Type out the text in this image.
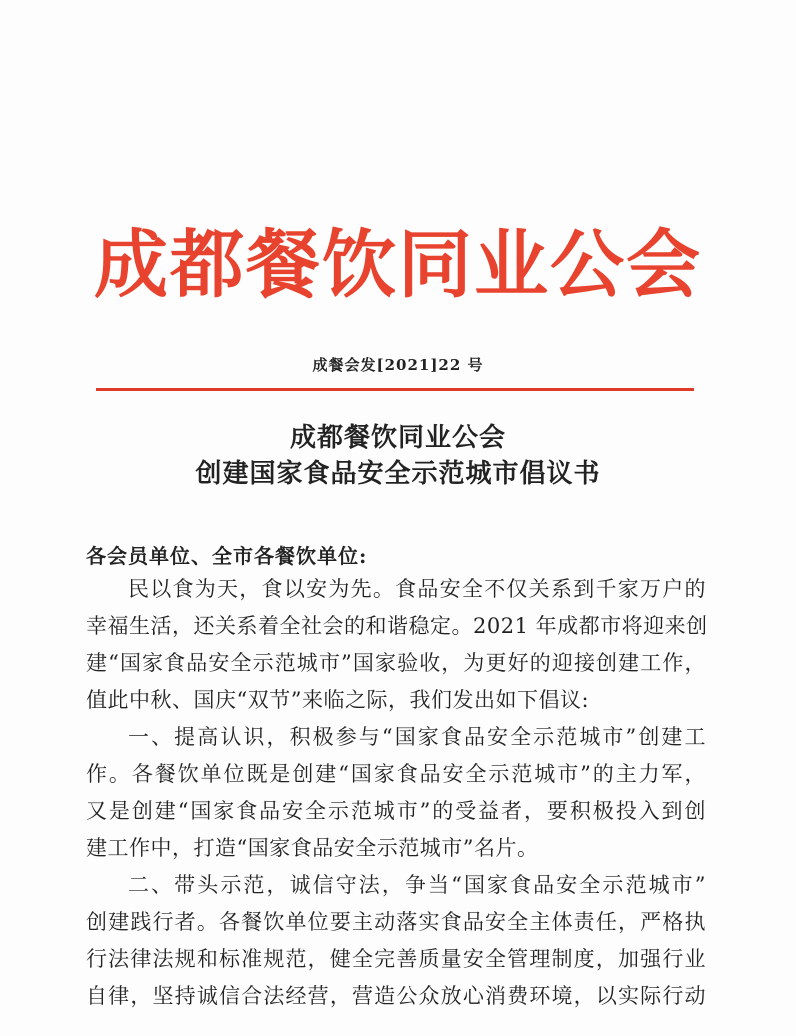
成都餐饮同业公会
成餐会发[2021]22 号
成都餐饮同业公会
创建国家食品安全示范城市倡议书
各会员单位、全市各餐饮单位:
民以食为天，食以安为先。食品安全不仅关系到千家万户的
幸福生活，还关系着全社会的和谐稳定。2021 年成都市将迎来创
建“国家食品安全示范城市”国家验收，为更好的迎接创建工作，
值此中秋、国庆“双节”来临之际，我们发出如下倡议:
一、提高认识，积极参与“国家食品安全示范城市”创建工
作。各餐饮单位既是创建“国家食品安全示范城市”的主力军，
又是创建“国家食品安全示范城市”的受益者，要积极投入到创
建工作中，打造“国家食品安全示范城市”名片。
二、带头示范，诚信守法，争当“国家食品安全示范城市”
创建践行者。各餐饮单位要主动落实食品安全主体责任，严格执
行法律法规和标准规范，健全完善质量安全管理制度，加强行业
自律，坚持诚信合法经营，营造公众放心消费环境，以实际行动
